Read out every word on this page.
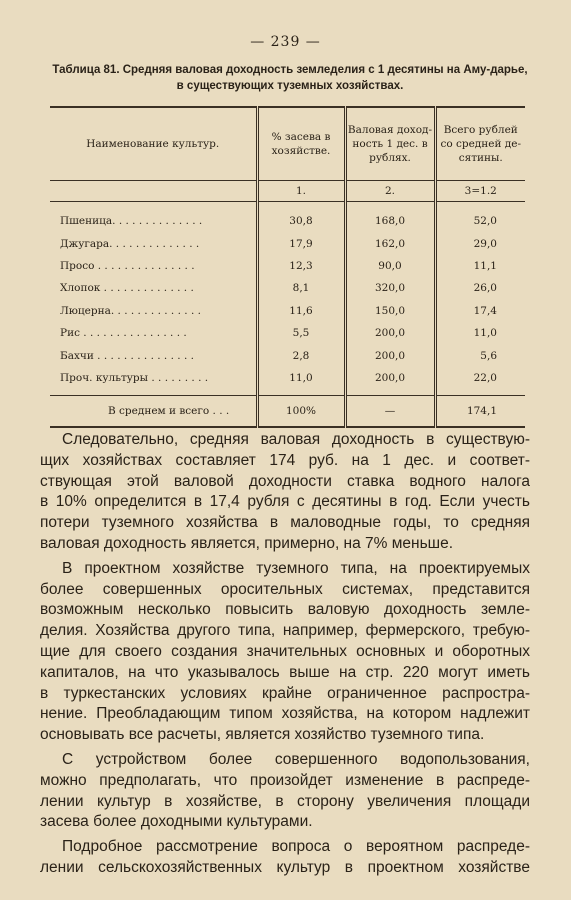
— 239 —
Таблица 81. Средняя валовая доходность земледелия с 1 десятины на Аму-дарье,
в существующих туземных хозяйствах.
Наименование культур.	% засева в хозяйстве.	Валовая доход-ность 1 дес. в рублях.	Всего рублей со средней де-сятины.
	1.	2.	3=1.2

Пшеница. . . . . . . . . . . . . .	30,8	168,0	52,0
Джугара. . . . . . . . . . . . . .	17,9	162,0	29,0
Просо . . . . . . . . . . . . . . .	12,3	90,0	11,1
Хлопок . . . . . . . . . . . . . .	8,1	320,0	26,0
Люцерна. . . . . . . . . . . . . .	11,6	150,0	17,4
Рис . . . . . . . . . . . . . . . .	5,5	200,0	11,0
Бахчи . . . . . . . . . . . . . . .	2,8	200,0	5,6
Проч. культуры . . . . . . . . .	11,0	200,0	22,0

В среднем и всего . . .	100%	—	174,1

Следовательно, средняя валовая доходность в существую-
щих хозяйствах составляет 174 руб. на 1 дес. и соответ-
ствующая этой валовой доходности ставка водного налога
в 10% определится в 17,4 рубля с десятины в год. Если учесть
потери туземного хозяйства в маловодные годы, то средняя
валовая доходность является, примерно, на 7% меньше.

В проектном хозяйстве туземного типа, на проектируемых
более совершенных оросительных системах, представится
возможным несколько повысить валовую доходность земле-
делия. Хозяйства другого типа, например, фермерского, требую-
щие для своего создания значительных основных и оборотных
капиталов, на что указывалось выше на стр. 220 могут иметь
в туркестанских условиях крайне ограниченное распростра-
нение. Преобладающим типом хозяйства, на котором надлежит
основывать все расчеты, является хозяйство туземного типа.

С устройством более совершенного водопользования,
можно предполагать, что произойдет изменение в распреде-
лении культур в хозяйстве, в сторону увеличения площади
засева более доходными культурами.

Подробное рассмотрение вопроса о вероятном распреде-
лении сельскохозяйственных культур в проектном хозяйстве
